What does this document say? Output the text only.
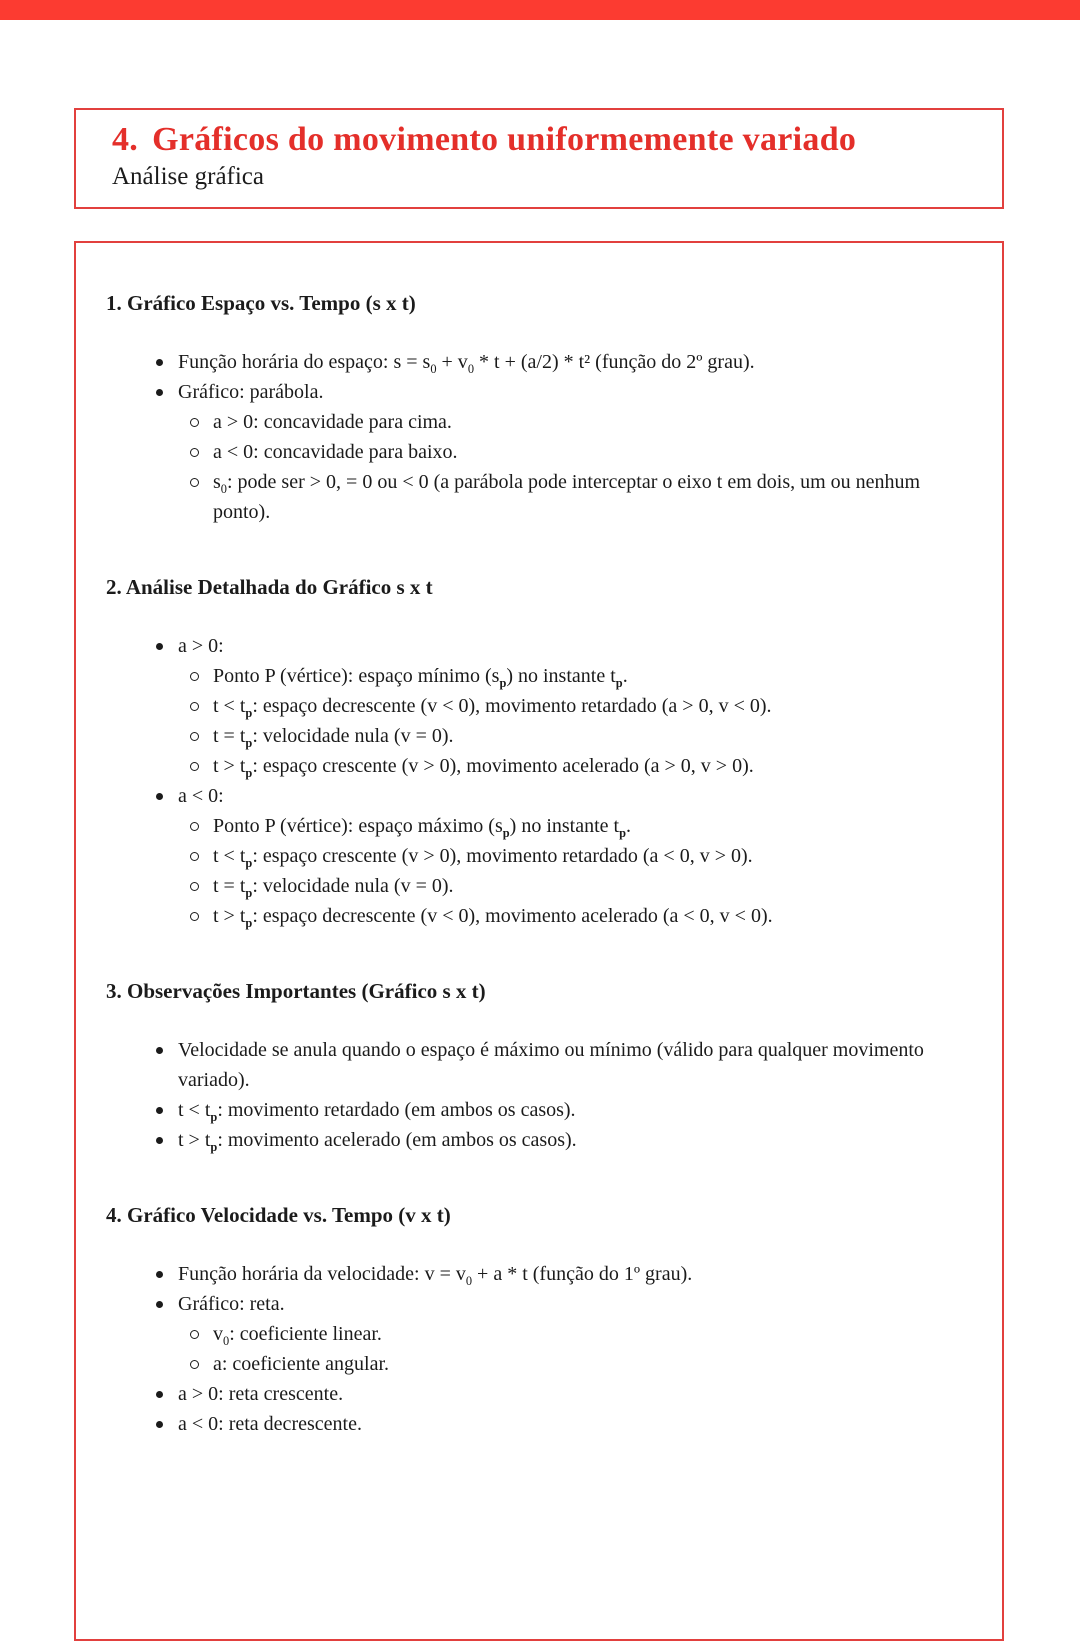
4. Gráficos do movimento uniformemente variado
Análise gráfica
1. Gráfico Espaço vs. Tempo (s x t)
Função horária do espaço: $s = s_0 + v_0 * t + (a/2) * t^2$ (função do 2º grau).
Gráfico: parábola.
a > 0: concavidade para cima.
a < 0: concavidade para baixo.
$s_0$: pode ser > 0, = 0 ou < 0 (a parábola pode interceptar o eixo t em dois, um ou nenhum ponto).
2. Análise Detalhada do Gráfico s x t
a > 0:
Ponto P (vértice): espaço mínimo $(s_p)$ no instante $t_p$.
$t < t_p$: espaço decrescente (v < 0), movimento retardado (a > 0, v < 0).
$t = t_p$: velocidade nula (v = 0).
$t > t_p$: espaço crescente (v > 0), movimento acelerado (a > 0, v > 0).
a < 0:
Ponto P (vértice): espaço máximo $(s_p)$ no instante $t_p$.
$t < t_p$: espaço crescente (v > 0), movimento retardado (a < 0, v > 0).
$t = t_p$: velocidade nula (v = 0).
$t > t_p$: espaço decrescente (v < 0), movimento acelerado (a < 0, v < 0).
3. Observações Importantes (Gráfico s x t)
Velocidade se anula quando o espaço é máximo ou mínimo (válido para qualquer movimento variado).
$t < t_p$: movimento retardado (em ambos os casos).
$t > t_p$: movimento acelerado (em ambos os casos).
4. Gráfico Velocidade vs. Tempo (v x t)
Função horária da velocidade: $v = v_0 + a * t$ (função do 1º grau).
Gráfico: reta.
$v_0$: coeficiente linear.
a: coeficiente angular.
a > 0: reta crescente.
a < 0: reta decrescente.
